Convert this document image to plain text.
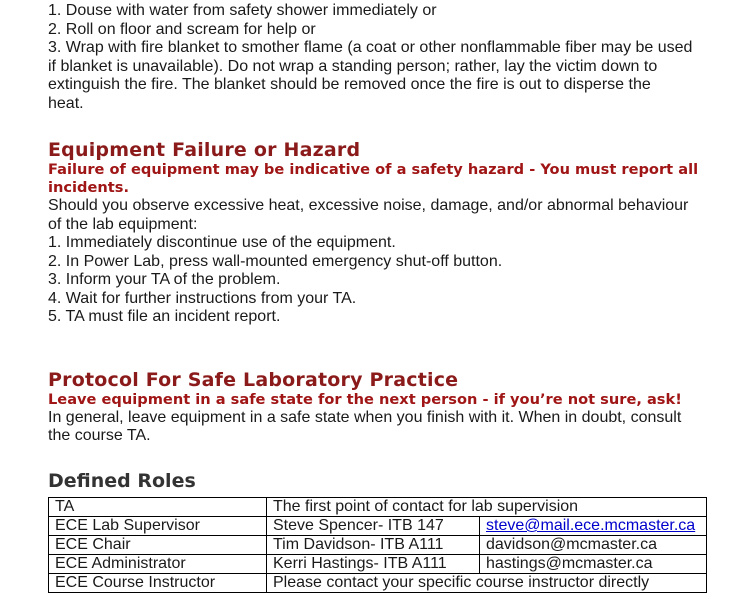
1. Douse with water from safety shower immediately or
2. Roll on floor and scream for help or
3. Wrap with fire blanket to smother flame (a coat or other nonflammable fiber may be used
if blanket is unavailable). Do not wrap a standing person; rather, lay the victim down to
extinguish the fire. The blanket should be removed once the fire is out to disperse the
heat.
Equipment Failure or Hazard
Failure of equipment may be indicative of a safety hazard - You must report all
incidents.
Should you observe excessive heat, excessive noise, damage, and/or abnormal behaviour
of the lab equipment:
1. Immediately discontinue use of the equipment.
2. In Power Lab, press wall-mounted emergency shut-off button.
3. Inform your TA of the problem.
4. Wait for further instructions from your TA.
5. TA must file an incident report.
Protocol For Safe Laboratory Practice
Leave equipment in a safe state for the next person - if you’re not sure, ask!
In general, leave equipment in a safe state when you finish with it. When in doubt, consult
the course TA.
Defined Roles
TA	The first point of contact for lab supervision	
ECE Lab Supervisor	Steve Spencer- ITB 147	steve@mail.ece.mcmaster.ca
ECE Chair	Tim Davidson- ITB A111	davidson@mcmaster.ca
ECE Administrator	Kerri Hastings- ITB A111	hastings@mcmaster.ca
ECE Course Instructor	Please contact your specific course instructor directly	
